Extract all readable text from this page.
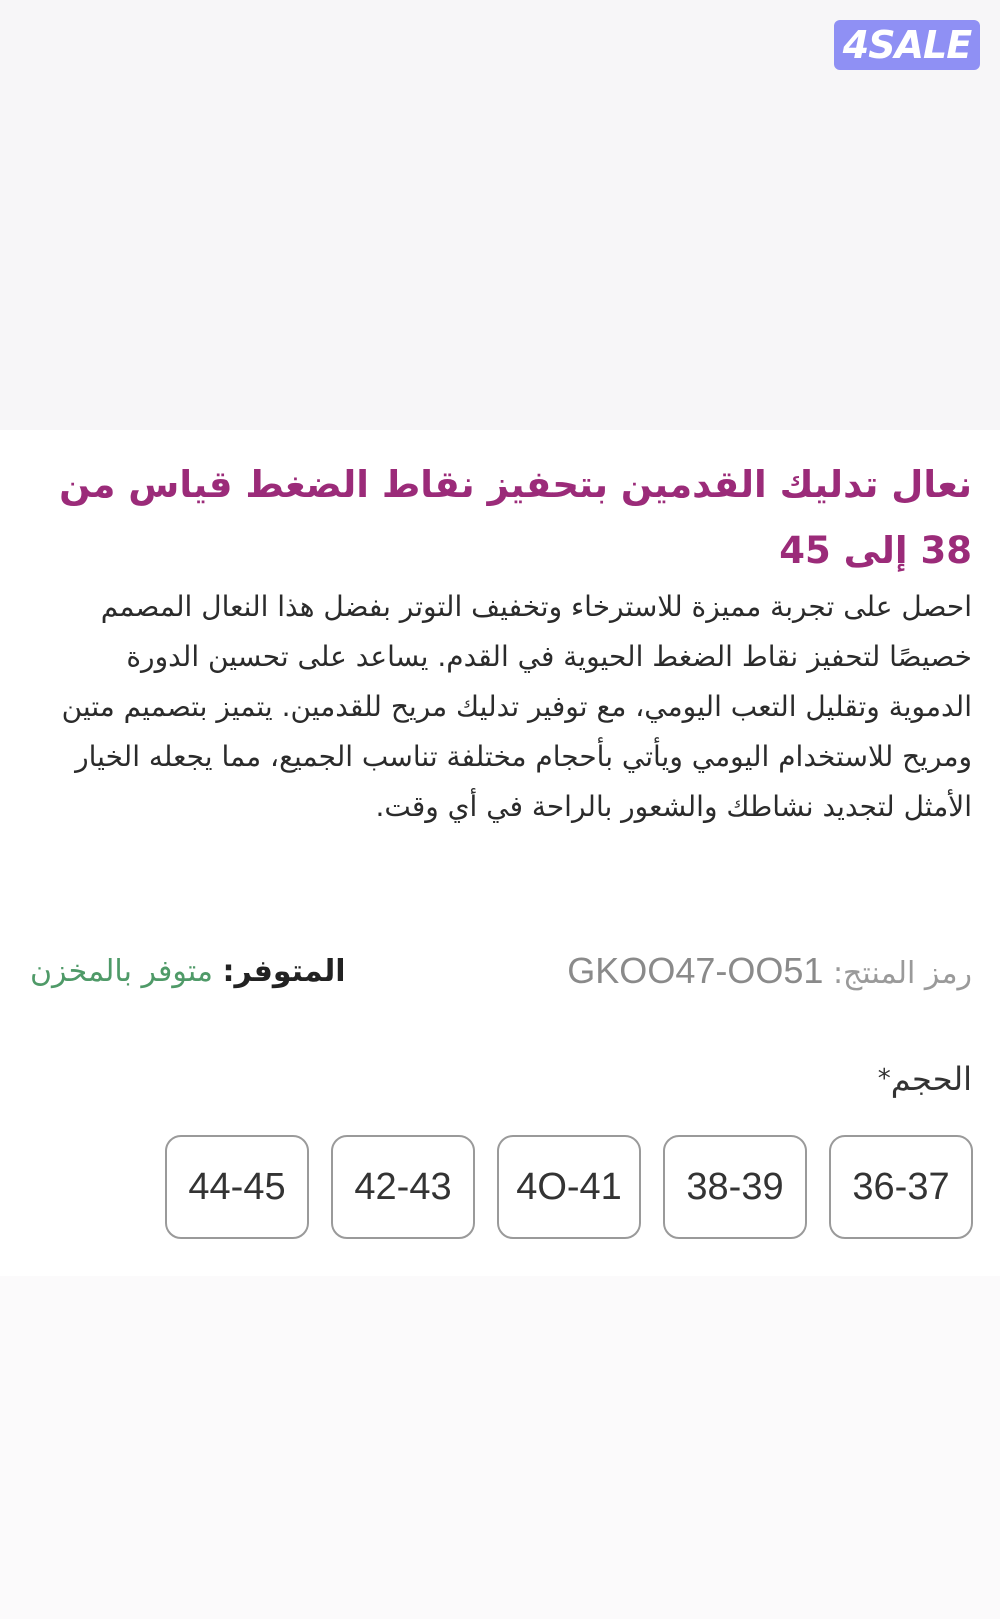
4SALE
نعال تدليك القدمين بتحفيز نقاط الضغط قياس من 38 إلى 45

احصل على تجربة مميزة للاسترخاء وتخفيف التوتر بفضل هذا النعال المصمم خصيصًا لتحفيز نقاط الضغط الحيوية في القدم. يساعد على تحسين الدورة الدموية وتقليل التعب اليومي، مع توفير تدليك مريح للقدمين. يتميز بتصميم متين ومريح للاستخدام اليومي ويأتي بأحجام مختلفة تناسب الجميع، مما يجعله الخيار الأمثل لتجديد نشاطك والشعور بالراحة في أي وقت.

رمز المنتج: GKOO47-OO51
المتوفر: متوفر بالمخزن
الحجم*
36-37
38-39
4O-41
42-43
44-45
